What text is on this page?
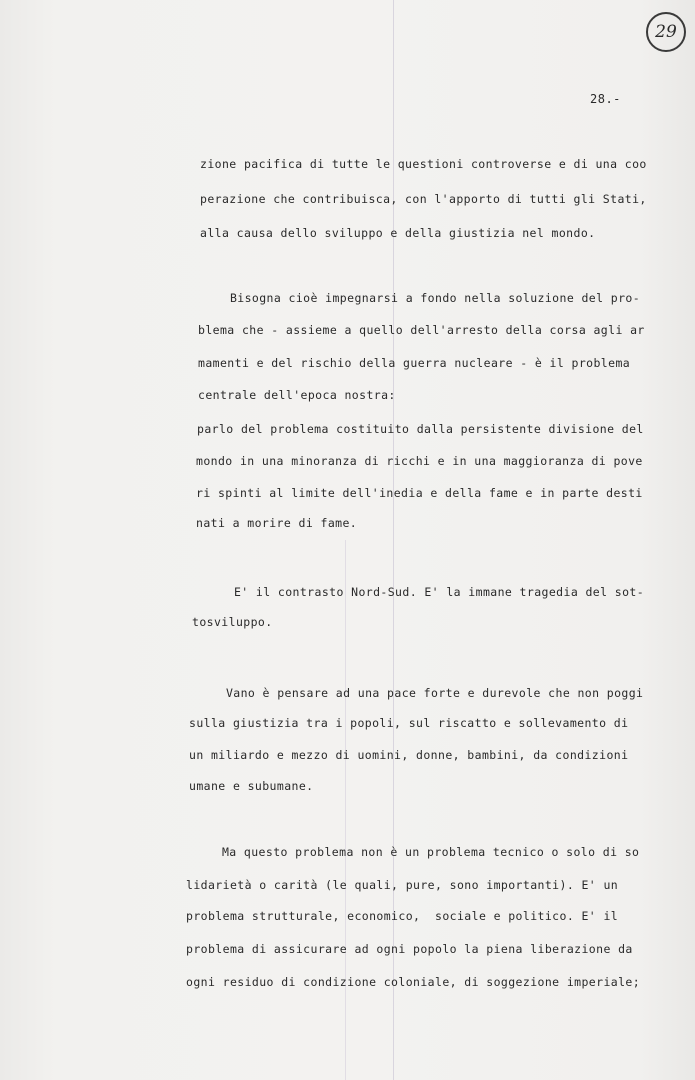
29
28.-
zione pacifica di tutte le questioni controverse e di una coo
perazione che contribuisca, con l'apporto di tutti gli Stati,
alla causa dello sviluppo e della giustizia nel mondo.
Bisogna cioè impegnarsi a fondo nella soluzione del pro-
blema che - assieme a quello dell'arresto della corsa agli ar
mamenti e del rischio della guerra nucleare - è il problema
centrale dell'epoca nostra:
parlo del problema costituito dalla persistente divisione del
mondo in una minoranza di ricchi e in una maggioranza di pove
ri spinti al limite dell'inedia e della fame e in parte desti
nati a morire di fame.
E' il contrasto Nord-Sud. E' la immane tragedia del sot-
tosviluppo.
Vano è pensare ad una pace forte e durevole che non poggi
sulla giustizia tra i popoli, sul riscatto e sollevamento di
un miliardo e mezzo di uomini, donne, bambini, da condizioni
umane e subumane.
Ma questo problema non è un problema tecnico o solo di so
lidarietà o carità (le quali, pure, sono importanti). E' un
problema strutturale, economico,  sociale e politico. E' il
problema di assicurare ad ogni popolo la piena liberazione da
ogni residuo di condizione coloniale, di soggezione imperiale;
